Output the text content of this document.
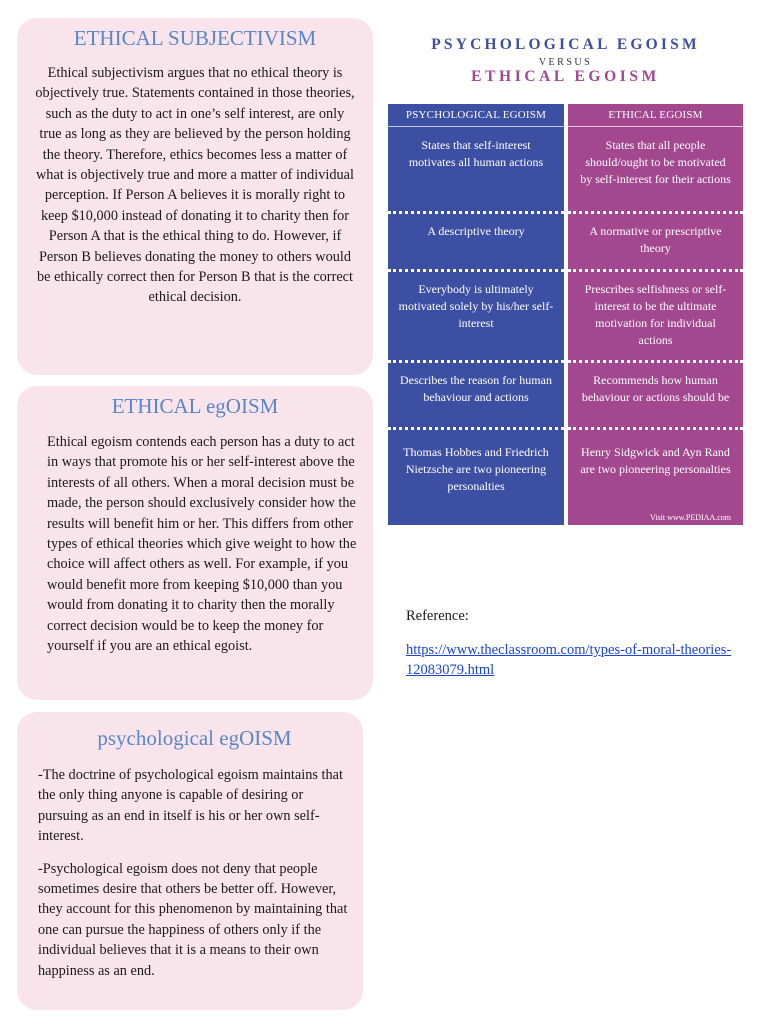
ETHICAL SUBJECTIVISM

Ethical subjectivism argues that no ethical theory is objectively true. Statements contained in those theories, such as the duty to act in one’s self interest, are only true as long as they are believed by the person holding the theory. Therefore, ethics becomes less a matter of what is objectively true and more a matter of individual perception. If Person A believes it is morally right to keep $10,000 instead of donating it to charity then for Person A that is the ethical thing to do. However, if Person B believes donating the money to others would be ethically correct then for Person B that is the correct ethical decision.

ETHICAL egOISM

Ethical egoism contends each person has a duty to act in ways that promote his or her self-interest above the interests of all others. When a moral decision must be made, the person should exclusively consider how the results will benefit him or her. This differs from other types of ethical theories which give weight to how the choice will affect others as well. For example, if you would benefit more from keeping $10,000 than you would from donating it to charity then the morally correct decision would be to keep the money for yourself if you are an ethical egoist.

psychological egOISM

-The doctrine of psychological egoism maintains that the only thing anyone is capable of desiring or pursuing as an end in itself is his or her own self-interest.

-Psychological egoism does not deny that people sometimes desire that others be better off. However, they account for this phenomenon by maintaining that one can pursue the happiness of others only if the individual believes that it is a means to their own happiness as an end.

PSYCHOLOGICAL EGOISM
VERSUS
ETHICAL EGOISM
PSYCHOLOGICAL EGOISM
States that self-interest motivates all human actions
A descriptive theory
Everybody is ultimately motivated solely by his/her self-interest
Describes the reason for human behaviour and actions
Thomas Hobbes and Friedrich Nietzsche are two pioneering personalties
ETHICAL EGOISM
Visit www.PEDIAA.com
States that all people should/ought to be motivated by self-interest for their actions
A normative or prescriptive theory
Prescribes selfishness or self-interest to be the ultimate motivation for individual actions
Recommends how human behaviour or actions should be
Henry Sidgwick and Ayn Rand are two pioneering personalties
Reference:
https://www.theclassroom.com/types-of-moral-theories-12083079.html
